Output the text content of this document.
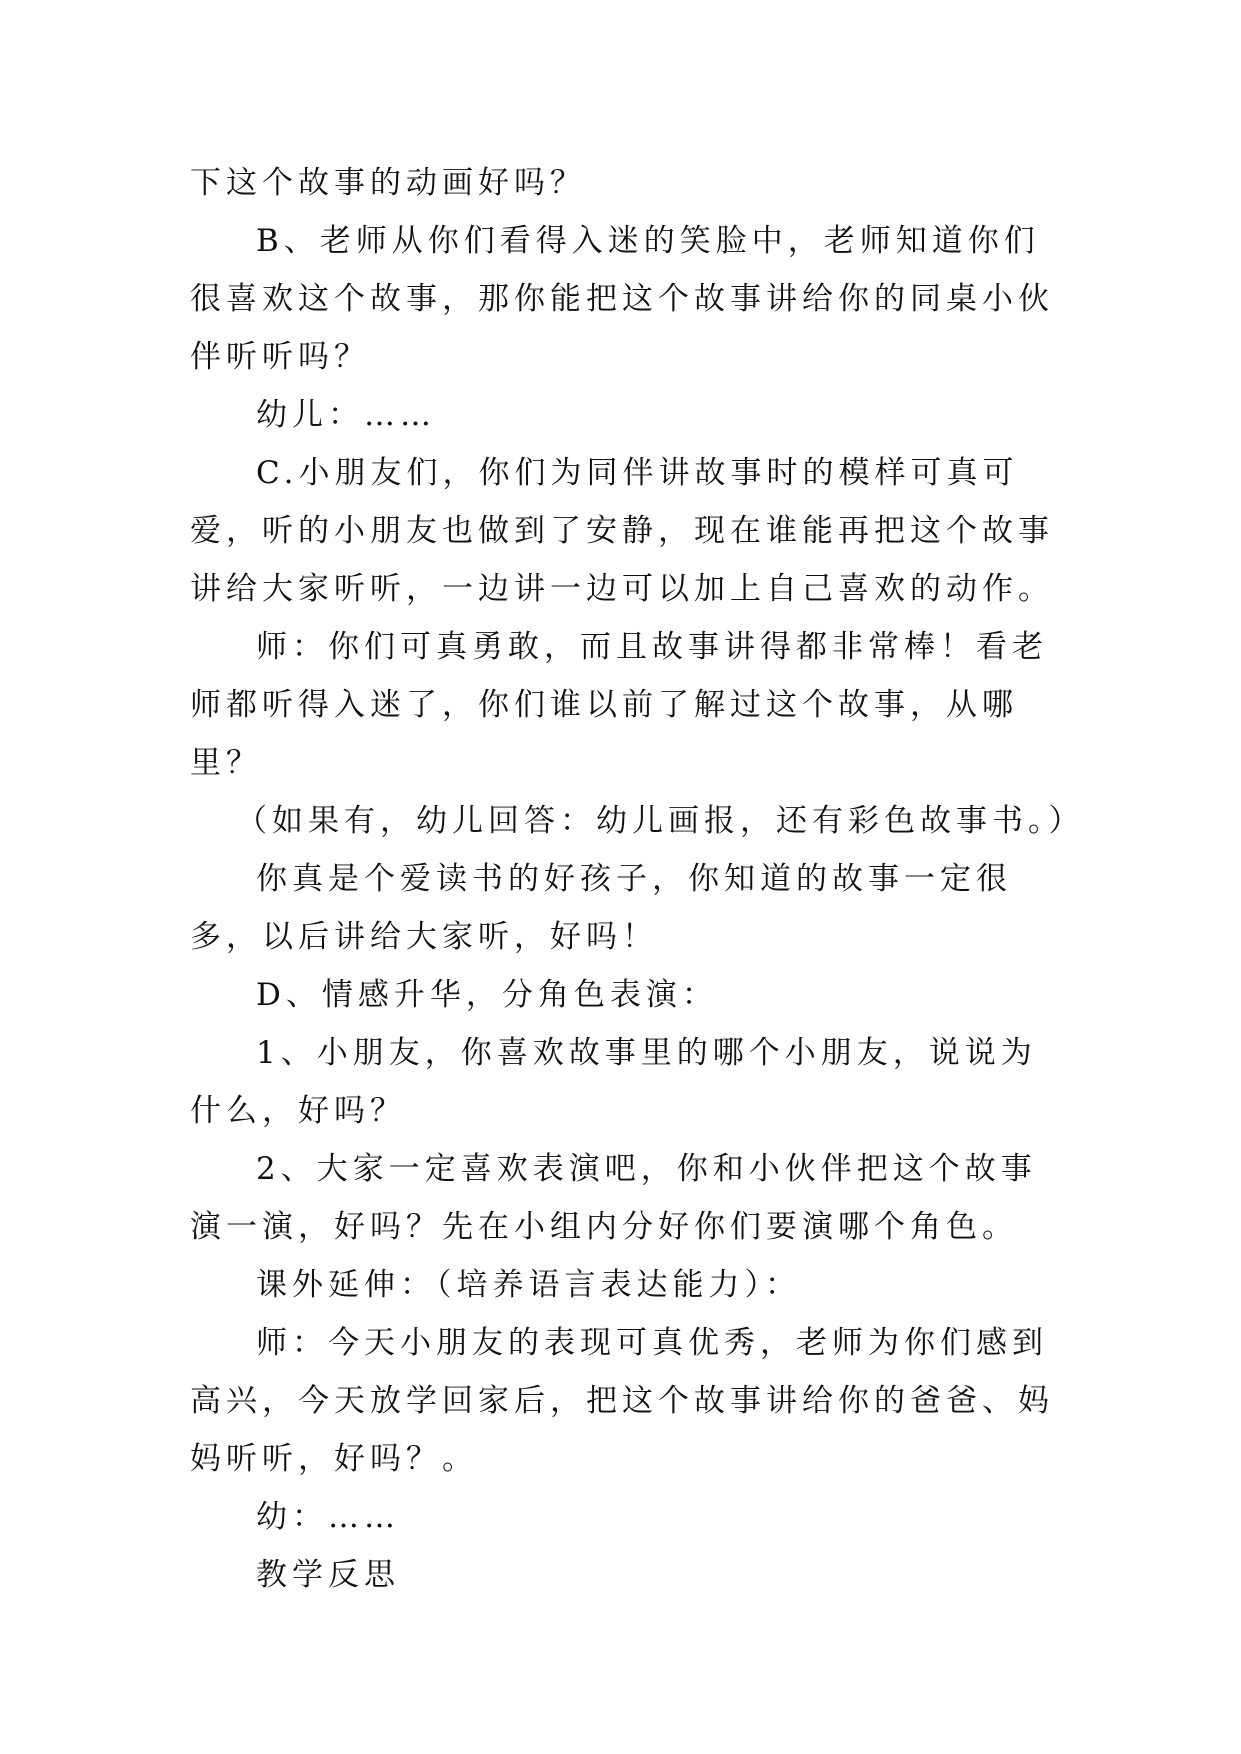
下这个故事的动画好吗？

B、老师从你们看得入迷的笑脸中，老师知道你们很喜欢这个故事，那你能把这个故事讲给你的同桌小伙伴听听吗？

幼儿：……

C.小朋友们，你们为同伴讲故事时的模样可真可爱，听的小朋友也做到了安静，现在谁能再把这个故事讲给大家听听，一边讲一边可以加上自己喜欢的动作。

师：你们可真勇敢，而且故事讲得都非常棒！看老师都听得入迷了，你们谁以前了解过这个故事，从哪里？

（如果有，幼儿回答：幼儿画报，还有彩色故事书。）

你真是个爱读书的好孩子，你知道的故事一定很多，以后讲给大家听，好吗！

D、情感升华，分角色表演：

1、小朋友，你喜欢故事里的哪个小朋友，说说为什么，好吗？

2、大家一定喜欢表演吧，你和小伙伴把这个故事演一演，好吗？先在小组内分好你们要演哪个角色。

课外延伸：（培养语言表达能力）：

师：今天小朋友的表现可真优秀，老师为你们感到高兴，今天放学回家后，把这个故事讲给你的爸爸、妈妈听听，好吗？。

幼：……

教学反思
